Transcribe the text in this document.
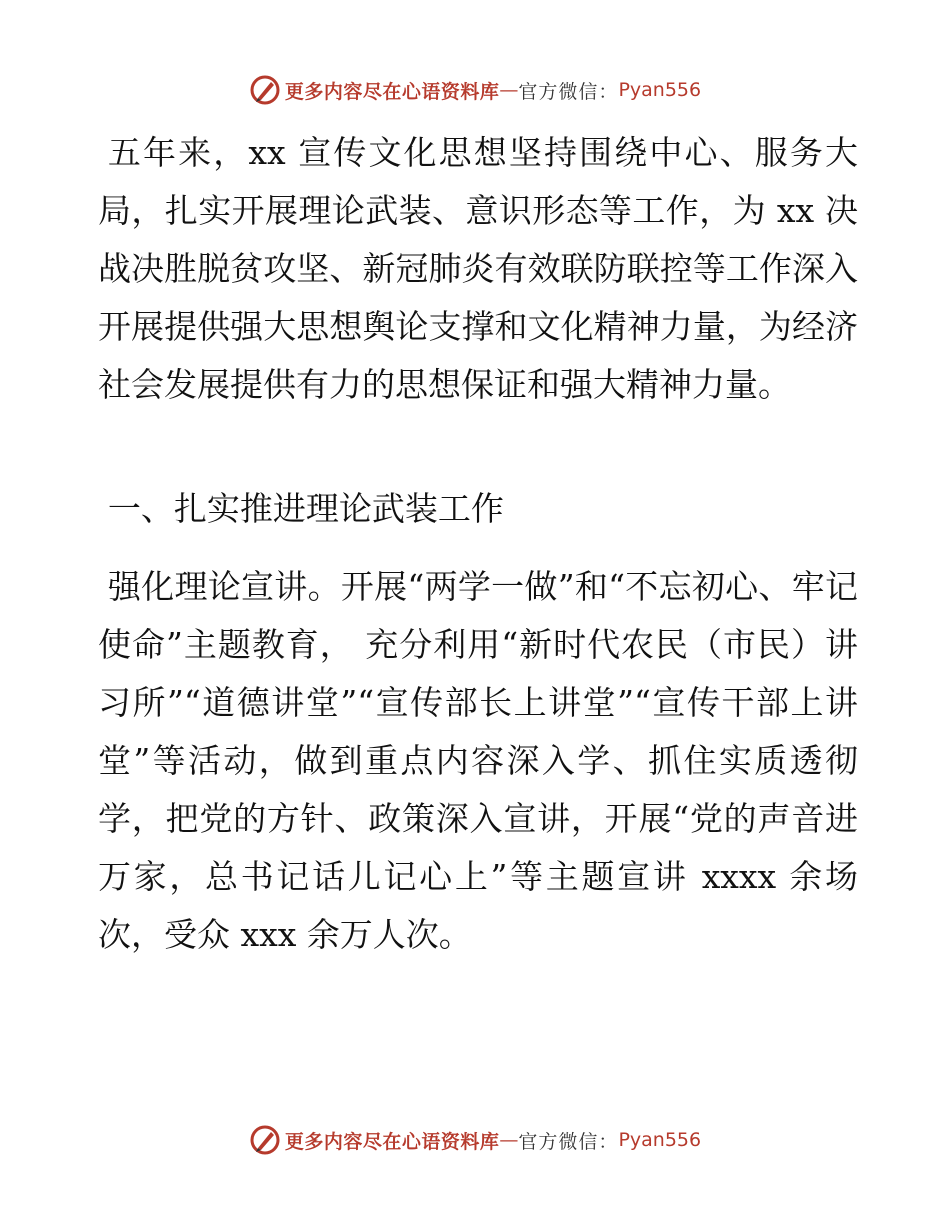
更多内容尽在心语资料库 — 官方微信： Pyan556

五年来，xx 宣传文化思想坚持围绕中心、服务大局，扎实开展理论武装、意识形态等工作，为 xx 决战决胜脱贫攻坚、新冠肺炎有效联防联控等工作深入开展提供强大思想舆论支撑和文化精神力量，为经济社会发展提供有力的思想保证和强大精神力量。

一、扎实推进理论武装工作

强化理论宣讲。开展“两学一做”和“不忘初心、牢记使命”主题教育， 充分利用“新时代农民（市民）讲习所”“道德讲堂”“宣传部长上讲堂”“宣传干部上讲堂”等活动，做到重点内容深入学、抓住实质透彻学，把党的方针、政策深入宣讲，开展“党的声音进万家，总书记话儿记心上”等主题宣讲 xxxx 余场次，受众 xxx 余万人次。

更多内容尽在心语资料库 — 官方微信： Pyan556
